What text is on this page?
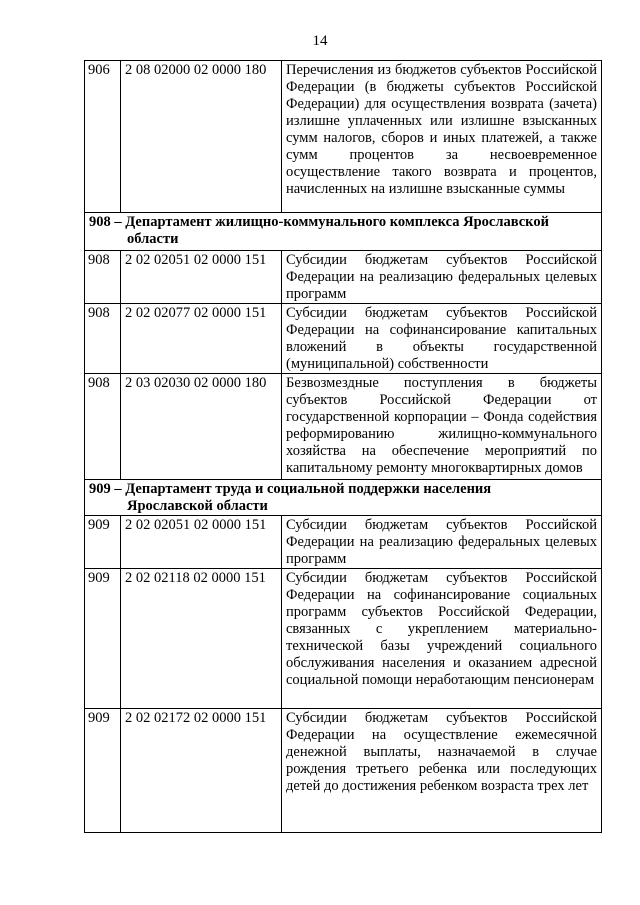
14
906	2 08 02000 02 0000 180	Перечисления из бюджетов субъектов Российской Федерации (в бюджеты субъектов Российской Федерации) для осуществления возврата (зачета) излишне уплаченных или излишне взысканных сумм налогов, сборов и иных платежей, а также сумм процентов за несвоевременное осуществление такого возврата и процентов, начисленных на излишне взысканные суммы
908 – Департамент жилищно-коммунального комплекса Ярославской
области		

908	2 02 02051 02 0000 151	Субсидии бюджетам субъектов Российской Федерации на реализацию федеральных целевых программ
908	2 02 02077 02 0000 151	Субсидии бюджетам субъектов Российской Федерации на софинансирование капитальных вложений в объекты государственной (муниципальной) собственности
908	2 03 02030 02 0000 180	Безвозмездные поступления в бюджеты субъектов Российской Федерации от государственной корпорации – Фонда содействия реформированию жилищно-коммунального хозяйства на обеспечение мероприятий по капитальному ремонту многоквартирных домов
909 – Департамент труда и социальной поддержки населения
Ярославской области		

909	2 02 02051 02 0000 151	Субсидии бюджетам субъектов Российской Федерации на реализацию федеральных целевых программ
909	2 02 02118 02 0000 151	Субсидии бюджетам субъектов Российской Федерации на софинансирование социальных программ субъектов Российской Федерации, связанных с укреплением материально-технической базы учреждений социального обслуживания населения и оказанием адресной социальной помощи неработающим пенсионерам
909	2 02 02172 02 0000 151	Субсидии бюджетам субъектов Российской Федерации на осуществление ежемесячной денежной выплаты, назначаемой в случае рождения третьего ребенка или последующих детей до достижения ребенком возраста трех лет
